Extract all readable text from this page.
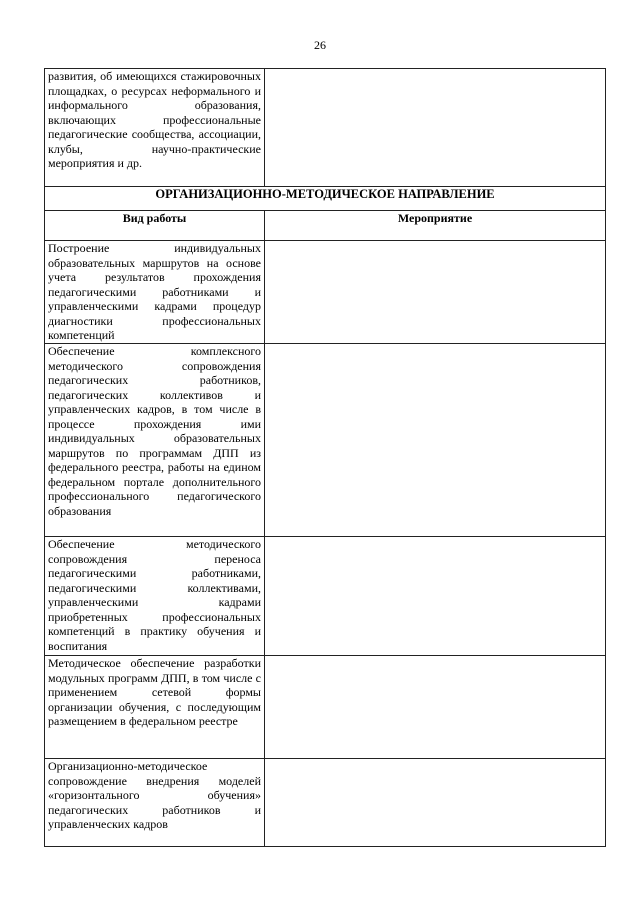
26
развития, об имеющихся стажировочных площадках, о ресурсах неформального и информального образования, включающих профессиональные педагогические сообщества, ассоциации, клубы, научно-практические мероприятия и др.	
ОРГАНИЗАЦИОННО-МЕТОДИЧЕСКОЕ НАПРАВЛЕНИЕ	
Вид работы	Мероприятие
Построение индивидуальных образовательных маршрутов на основе учета результатов прохождения педагогическими работниками и управленческими кадрами процедур диагностики профессиональных компетенций	
Обеспечение комплексного методического сопровождения педагогических работников, педагогических коллективов и управленческих кадров, в том числе в процессе прохождения ими индивидуальных образовательных маршрутов по программам ДПП из федерального реестра, работы на едином федеральном портале дополнительного профессионального педагогического образования	
Обеспечение методического сопровождения переноса педагогическими работниками, педагогическими коллективами, управленческими кадрами приобретенных профессиональных компетенций в практику обучения и воспитания	
Методическое обеспечение разработки модульных программ ДПП, в том числе с применением сетевой формы организации обучения, с последующим размещением в федеральном реестре	
Организационно-методическое сопровождение внедрения моделей «горизонтального обучения» педагогических работников и управленческих кадров	
